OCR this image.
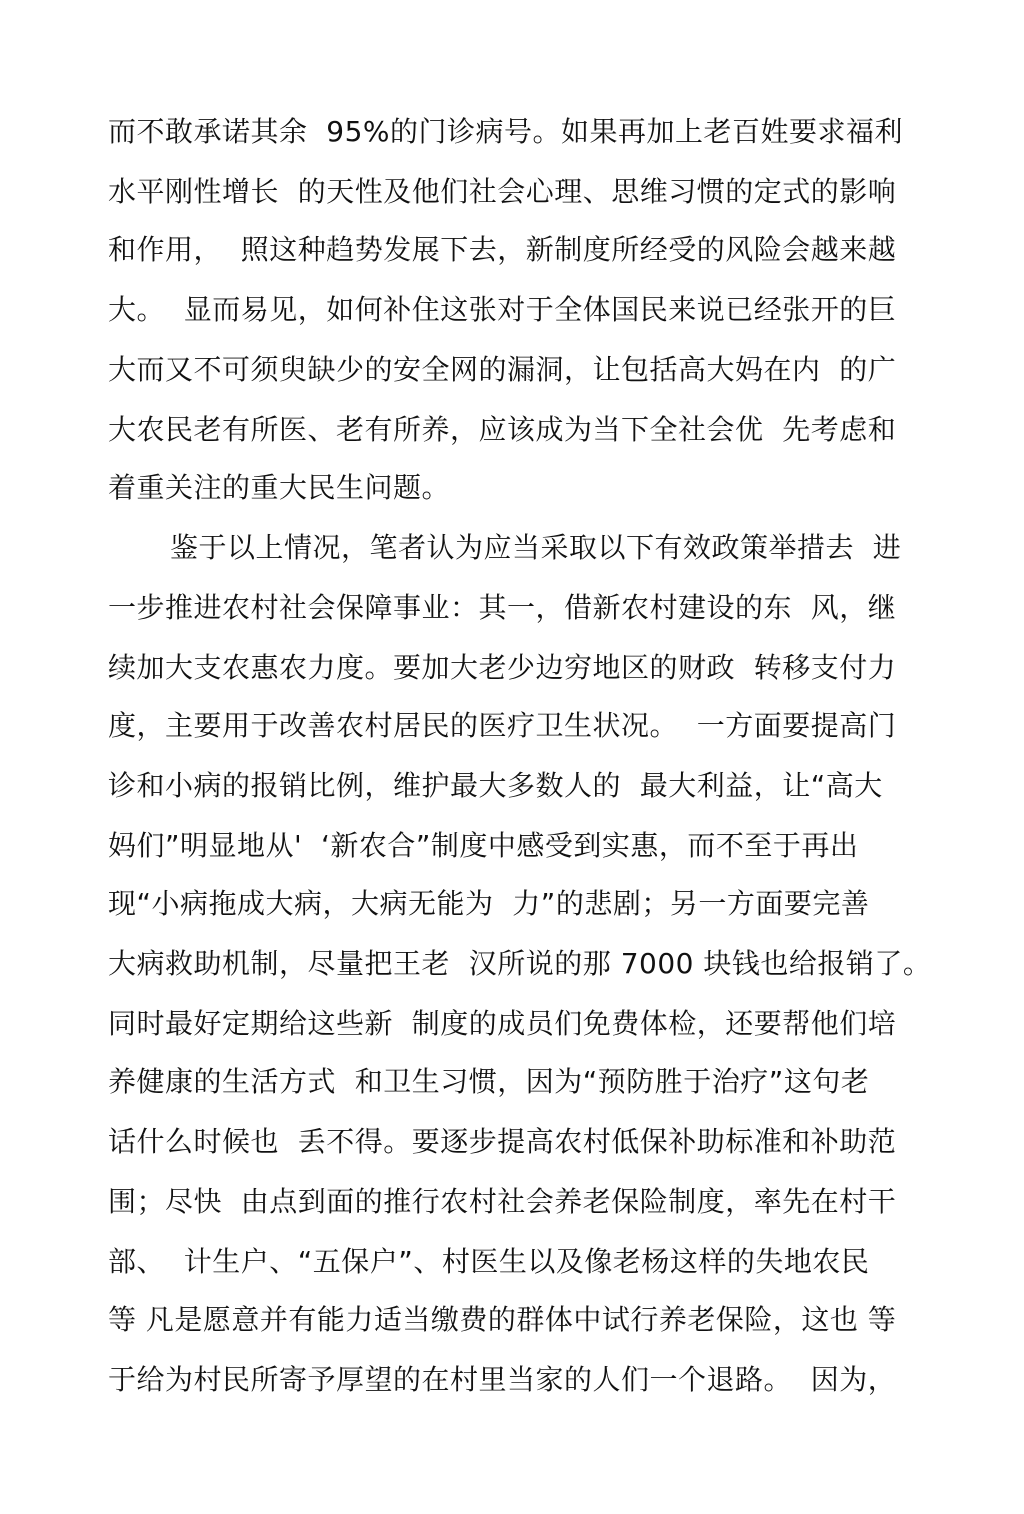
而不敢承诺其余  95%的门诊病号。如果再加上老百姓要求福利

水平刚性增长  的天性及他们社会心理、思维习惯的定式的影响

和作用，  照这种趋势发展下去，新制度所经受的风险会越来越

大。  显而易见，如何补住这张对于全体国民来说已经张开的巨

大而又不可须臾缺少的安全网的漏洞，让包括高大妈在内  的广

大农民老有所医、老有所养，应该成为当下全社会优  先考虑和

着重关注的重大民生问题。

鉴于以上情况，笔者认为应当采取以下有效政策举措去  进

一步推进农村社会保障事业：其一，借新农村建设的东  风，继

续加大支农惠农力度。要加大老少边穷地区的财政  转移支付力

度，主要用于改善农村居民的医疗卫生状况。  一方面要提高门

诊和小病的报销比例，维护最大多数人的  最大利益，让“高大

妈们”明显地从'  ‘新农合”制度中感受到实惠，而不至于再出

现“小病拖成大病，大病无能为  力”的悲剧；另一方面要完善

大病救助机制，尽量把王老  汉所说的那 7000 块钱也给报销了。

同时最好定期给这些新  制度的成员们免费体检，还要帮他们培

养健康的生活方式  和卫生习惯，因为“预防胜于治疗”这句老

话什么时候也  丢不得。要逐步提高农村低保补助标准和补助范

围；尽快  由点到面的推行农村社会养老保险制度，率先在村干

部、  计生户、“五保户”、村医生以及像老杨这样的失地农民

等 凡是愿意并有能力适当缴费的群体中试行养老保险，这也 等

于给为村民所寄予厚望的在村里当家的人们一个退路。  因为，
